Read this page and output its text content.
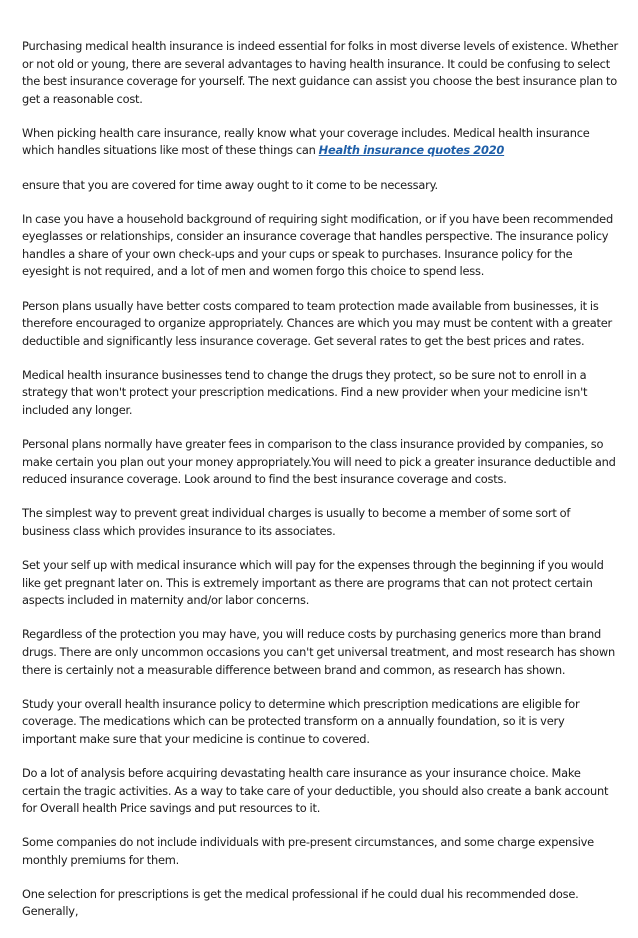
Purchasing medical health insurance is indeed essential for folks in most diverse levels of existence. Whether or not old or young, there are several advantages to having health insurance. It could be confusing to select the best insurance coverage for yourself. The next guidance can assist you choose the best insurance plan to get a reasonable cost.

When picking health care insurance, really know what your coverage includes. Medical health insurance which handles situations like most of these things can Health insurance quotes 2020

ensure that you are covered for time away ought to it come to be necessary.

In case you have a household background of requiring sight modification, or if you have been recommended eyeglasses or relationships, consider an insurance coverage that handles perspective. The insurance policy handles a share of your own check-ups and your cups or speak to purchases. Insurance policy for the eyesight is not required, and a lot of men and women forgo this choice to spend less.

Person plans usually have better costs compared to team protection made available from businesses, it is therefore encouraged to organize appropriately. Chances are which you may must be content with a greater deductible and significantly less insurance coverage. Get several rates to get the best prices and rates.

Medical health insurance businesses tend to change the drugs they protect, so be sure not to enroll in a strategy that won't protect your prescription medications. Find a new provider when your medicine isn't included any longer.

Personal plans normally have greater fees in comparison to the class insurance provided by companies, so make certain you plan out your money appropriately.You will need to pick a greater insurance deductible and reduced insurance coverage. Look around to find the best insurance coverage and costs.

The simplest way to prevent great individual charges is usually to become a member of some sort of business class which provides insurance to its associates.

Set your self up with medical insurance which will pay for the expenses through the beginning if you would like get pregnant later on. This is extremely important as there are programs that can not protect certain aspects included in maternity and/or labor concerns.

Regardless of the protection you may have, you will reduce costs by purchasing generics more than brand drugs. There are only uncommon occasions you can't get universal treatment, and most research has shown there is certainly not a measurable difference between brand and common, as research has shown.

Study your overall health insurance policy to determine which prescription medications are eligible for coverage. The medications which can be protected transform on a annually foundation, so it is very important make sure that your medicine is continue to covered.

Do a lot of analysis before acquiring devastating health care insurance as your insurance choice. Make certain the tragic activities. As a way to take care of your deductible, you should also create a bank account for Overall health Price savings and put resources to it.

Some companies do not include individuals with pre-present circumstances, and some charge expensive monthly premiums for them.

One selection for prescriptions is get the medical professional if he could dual his recommended dose. Generally,
